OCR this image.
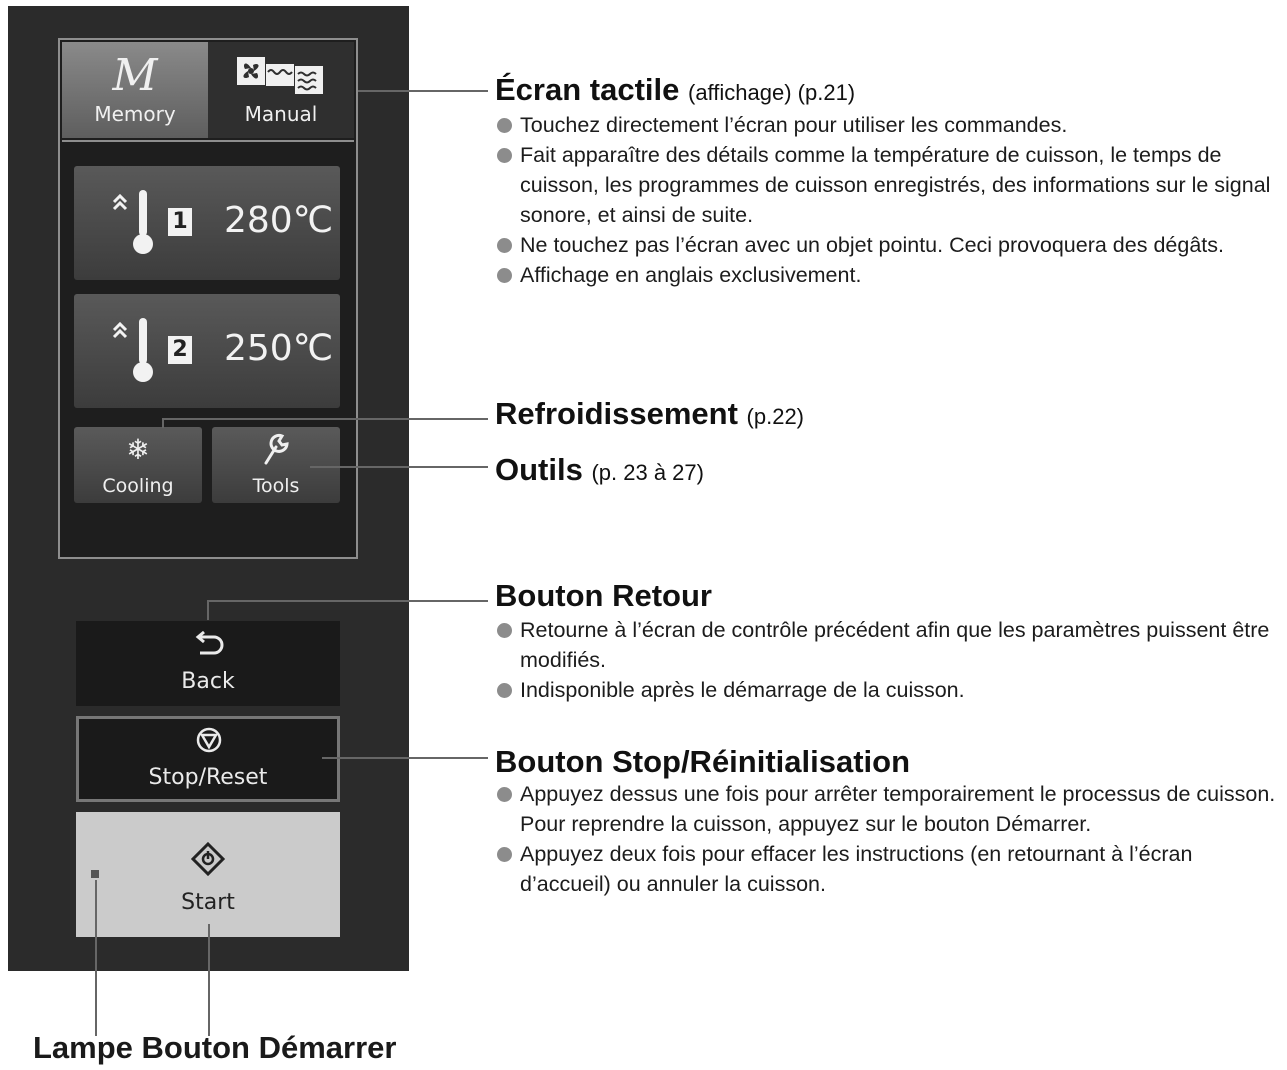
M
Memory	Manual
1 280℃
2 250℃
❄
Cooling	Tools
Back
Stop/Reset
Start
Écran tactile (affichage) (p.21)
Touchez directement l’écran pour utiliser les commandes.
Fait apparaître des détails comme la température de cuisson, le temps de cuisson, les programmes de cuisson enregistrés, des informations sur le signal sonore, et ainsi de suite.
Ne touchez pas l’écran avec un objet pointu. Ceci provoquera des dégâts.
Affichage en anglais exclusivement.
Refroidissement (p.22)
Outils (p. 23 à 27)
Bouton Retour
Retourne à l’écran de contrôle précédent afin que les paramètres puissent être modifiés.
Indisponible après le démarrage de la cuisson.
Bouton Stop/Réinitialisation
Appuyez dessus une fois pour arrêter temporairement le processus de cuisson. Pour reprendre la cuisson, appuyez sur le bouton Démarrer.
Appuyez deux fois pour effacer les instructions (en retournant à l’écran d’accueil) ou annuler la cuisson.
Lampe Bouton Démarrer
